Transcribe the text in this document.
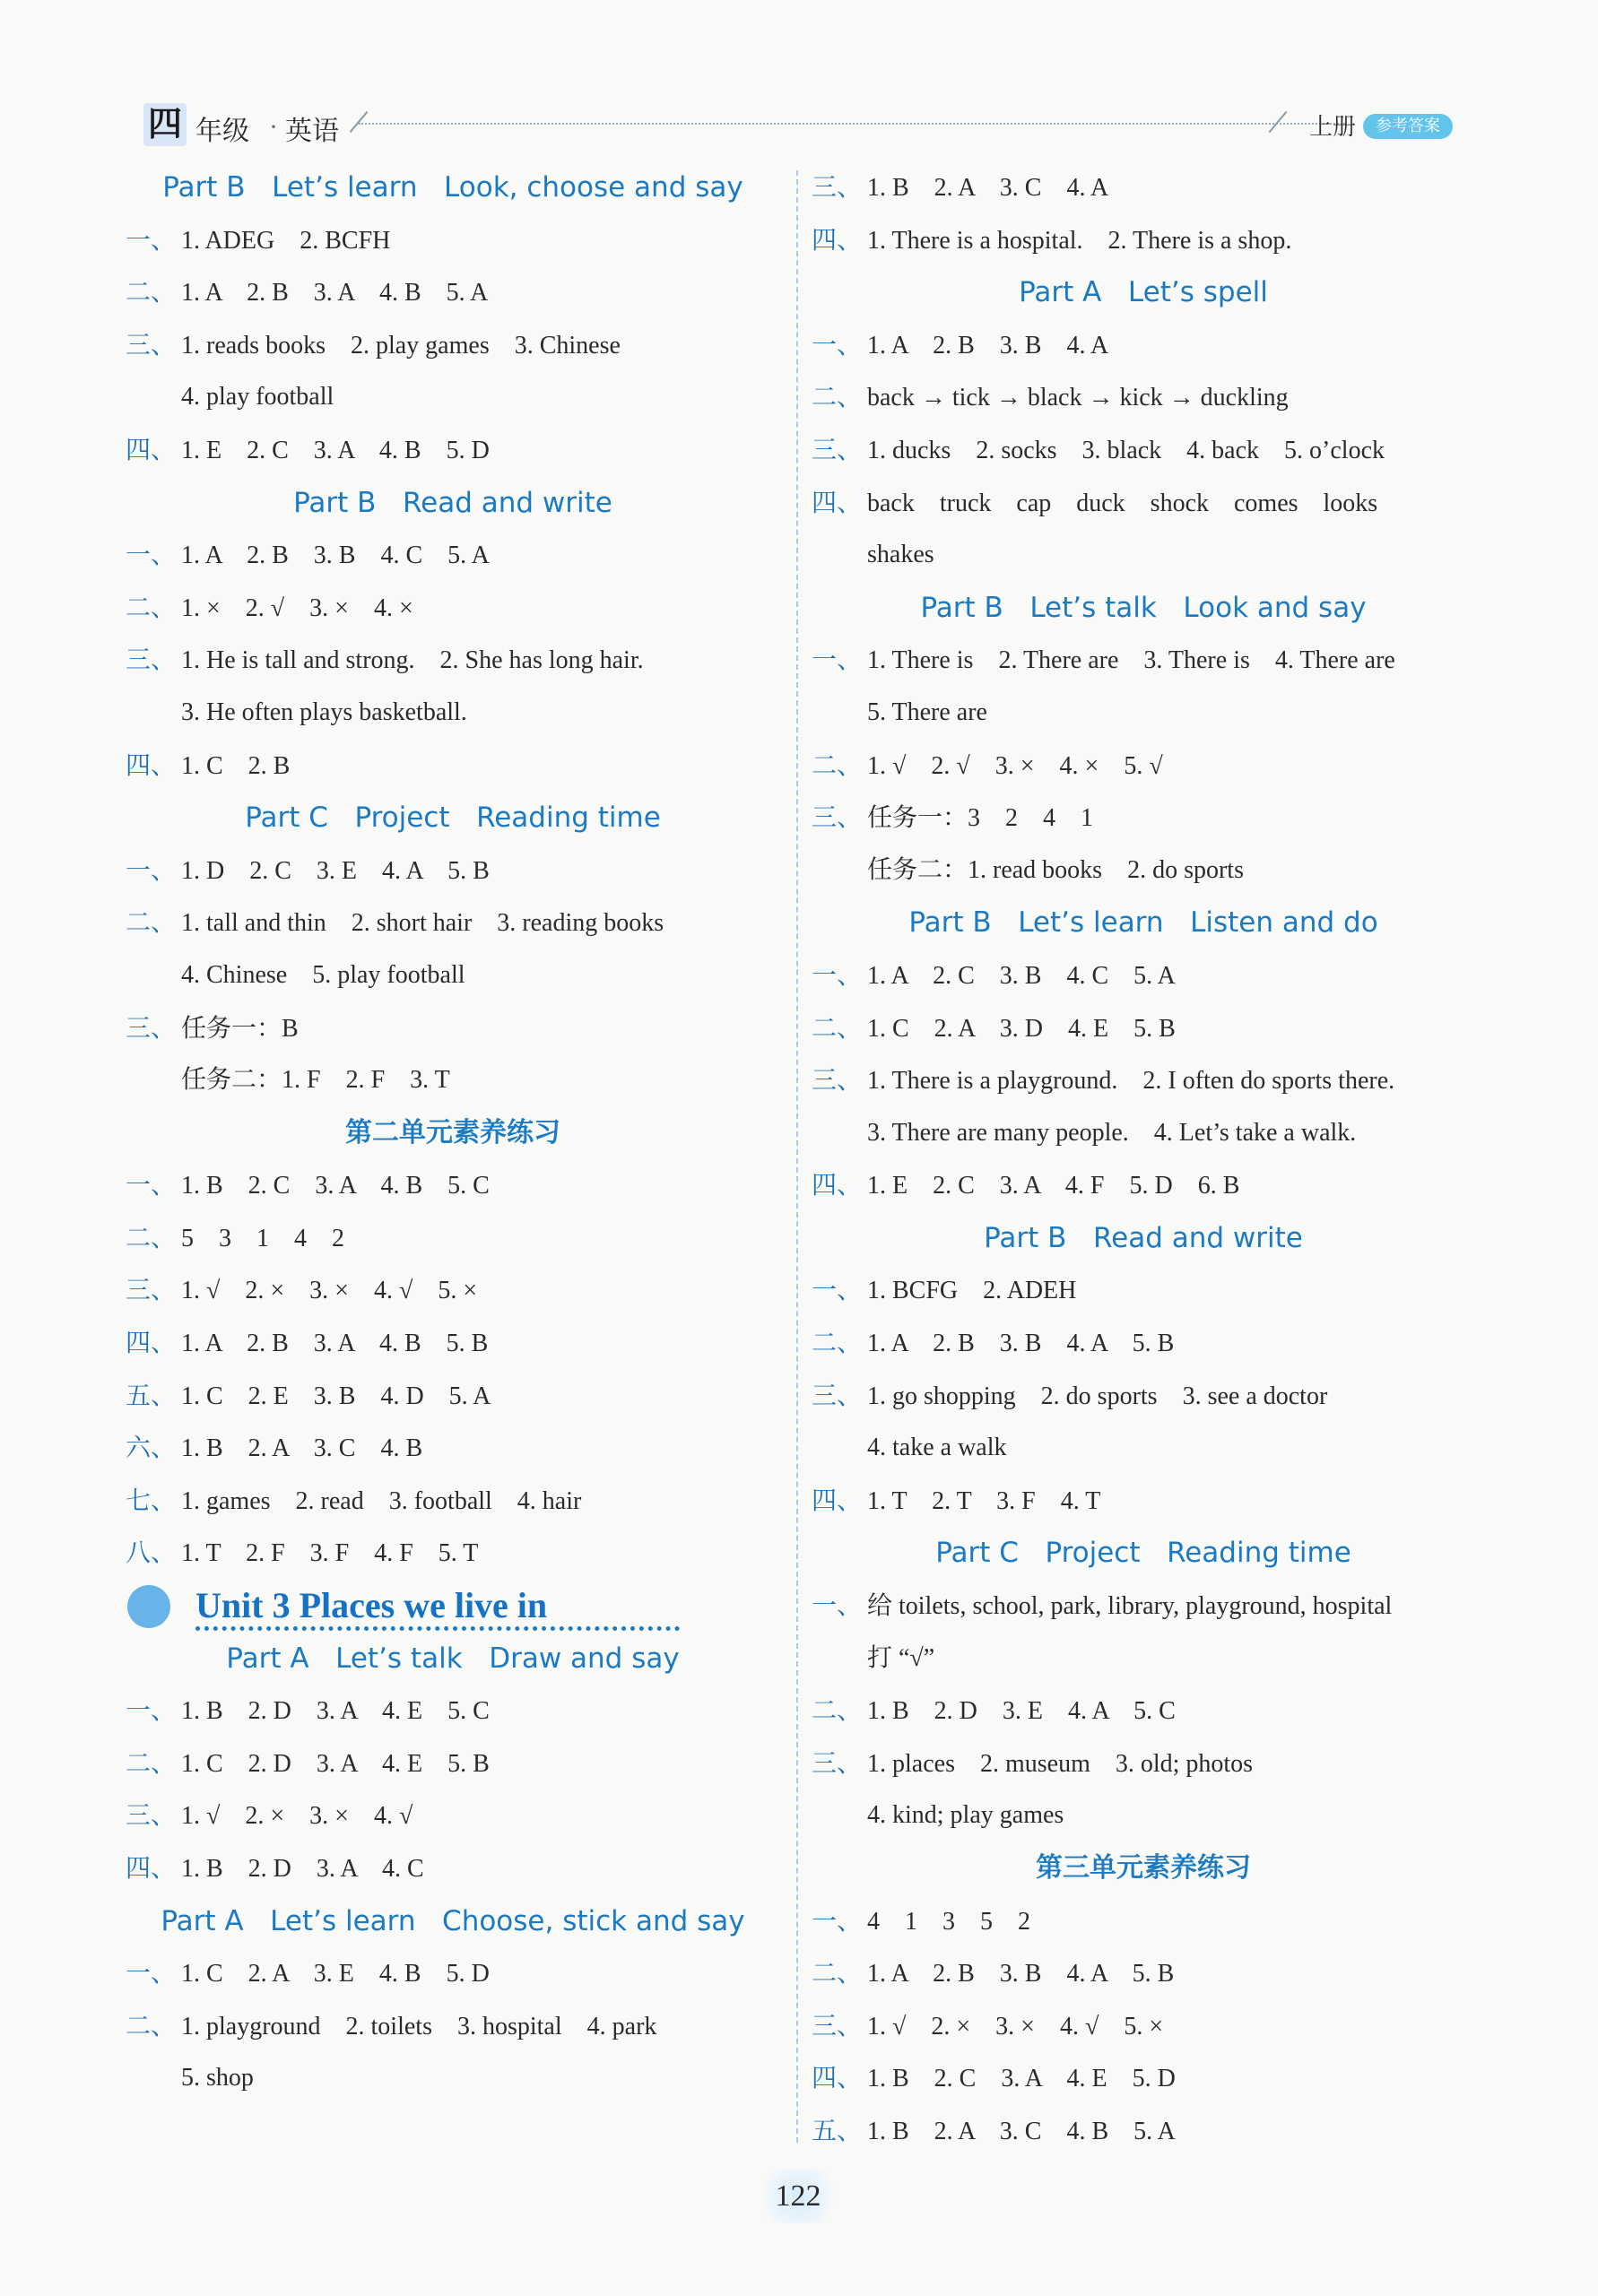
四 年级 · 英语	上册	参考答案
Part B   Let’s learn   Look, choose and say
一、 1. ADEG    2. BCFH
二、 1. A    2. B    3. A    4. B    5. A
三、 1. reads books    2. play games    3. Chinese
4. play football
四、 1. E    2. C    3. A    4. B    5. D
Part B   Read and write
一、 1. A    2. B    3. B    4. C    5. A
二、 1. ×    2. √    3. ×    4. ×
三、 1. He is tall and strong.    2. She has long hair.
3. He often plays basketball.
四、 1. C    2. B
Part C   Project   Reading time
一、 1. D    2. C    3. E    4. A    5. B
二、 1. tall and thin    2. short hair    3. reading books
4. Chinese    5. play football
三、 任务一：B
任务二：1. F    2. F    3. T
第二单元素养练习
一、 1. B    2. C    3. A    4. B    5. C
二、 5    3    1    4    2
三、 1. √    2. ×    3. ×    4. √    5. ×
四、 1. A    2. B    3. A    4. B    5. B
五、 1. C    2. E    3. B    4. D    5. A
六、 1. B    2. A    3. C    4. B
七、 1. games    2. read    3. football    4. hair
八、 1. T    2. F    3. F    4. F    5. T
Unit 3 Places we live in
Part A   Let’s talk   Draw and say
一、 1. B    2. D    3. A    4. E    5. C
二、 1. C    2. D    3. A    4. E    5. B
三、 1. √    2. ×    3. ×    4. √
四、 1. B    2. D    3. A    4. C
Part A   Let’s learn   Choose, stick and say
一、 1. C    2. A    3. E    4. B    5. D
二、 1. playground    2. toilets    3. hospital    4. park
5. shop
三、 1. B    2. A    3. C    4. A
四、 1. There is a hospital.    2. There is a shop.
Part A   Let’s spell
一、 1. A    2. B    3. B    4. A
二、 back → tick → black → kick → duckling
三、 1. ducks    2. socks    3. black    4. back    5. o’clock
四、 back    truck    cap    duck    shock    comes    looks
shakes
Part B   Let’s talk   Look and say
一、 1. There is    2. There are    3. There is    4. There are
5. There are
二、 1. √    2. √    3. ×    4. ×    5. √
三、 任务一：3    2    4    1
任务二：1. read books    2. do sports
Part B   Let’s learn   Listen and do
一、 1. A    2. C    3. B    4. C    5. A
二、 1. C    2. A    3. D    4. E    5. B
三、 1. There is a playground.    2. I often do sports there.
3. There are many people.    4. Let’s take a walk.
四、 1. E    2. C    3. A    4. F    5. D    6. B
Part B   Read and write
一、 1. BCFG    2. ADEH
二、 1. A    2. B    3. B    4. A    5. B
三、 1. go shopping    2. do sports    3. see a doctor
4. take a walk
四、 1. T    2. T    3. F    4. T
Part C   Project   Reading time
一、 给 toilets, school, park, library, playground, hospital
打 “√”
二、 1. B    2. D    3. E    4. A    5. C
三、 1. places    2. museum    3. old; photos
4. kind; play games
第三单元素养练习
一、 4    1    3    5    2
二、 1. A    2. B    3. B    4. A    5. B
三、 1. √    2. ×    3. ×    4. √    5. ×
四、 1. B    2. C    3. A    4. E    5. D
五、 1. B    2. A    3. C    4. B    5. A
122
